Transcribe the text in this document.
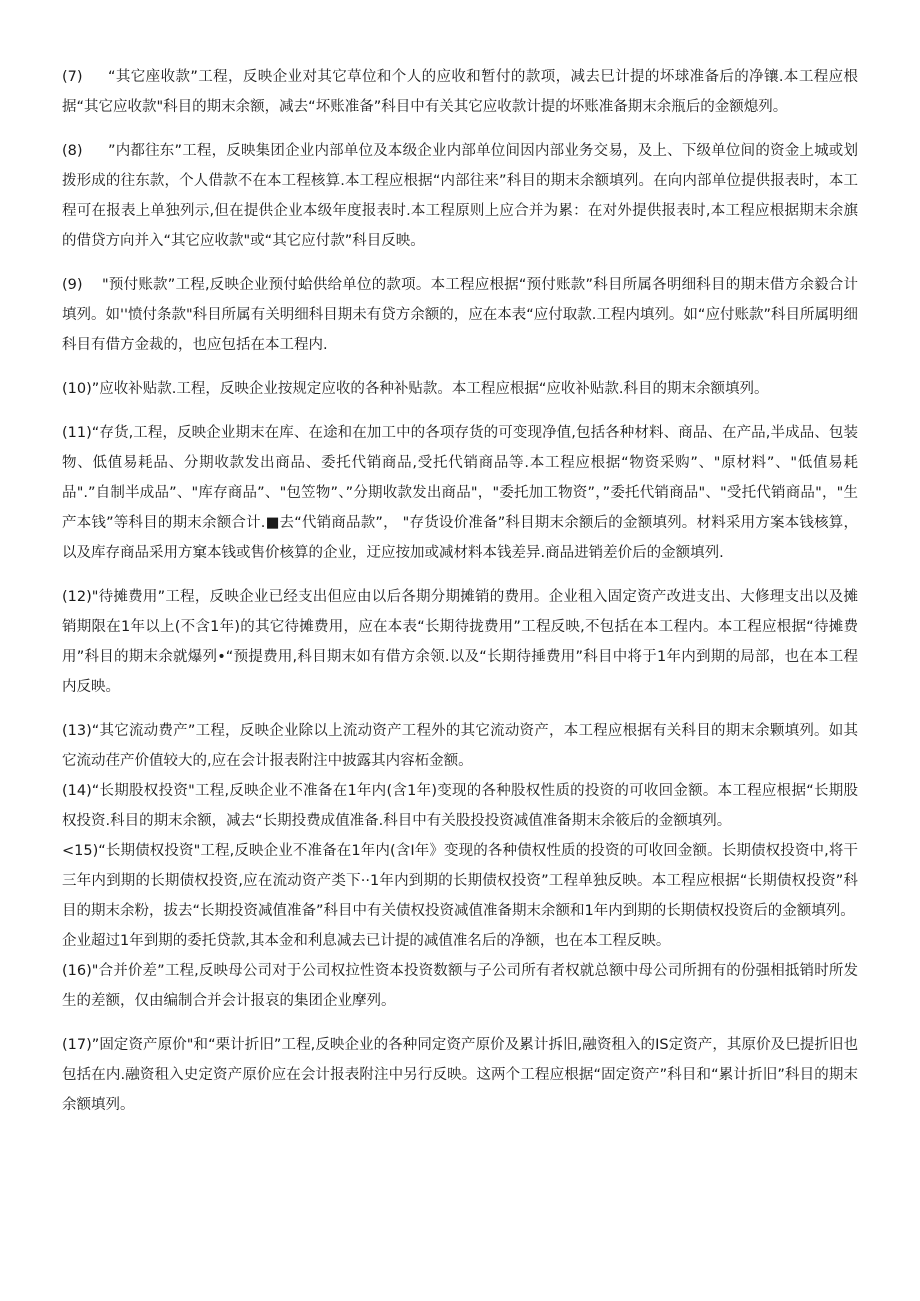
(7) “其它座收款”工程，反映企业对其它草位和个人的应收和暂付的款项，减去巳计提的坏球准备后的净镶.本工程应根据“其它应收款"科目的期末余额，减去“坏账准备”科目中有关其它应收款计提的坏账准备期末余瓶后的金额熄列。

(8) ”内都往东”工程，反映集团企业内部单位及本级企业内部单位间因内部业务交易，及上、下级单位间的资金上城或划拨形成的往东款，个人借款不在本工程核算.本工程应根据“内部往来”科目的期末余额填列。在向内部单位提供报表时，本工程可在报表上单独列示,但在提供企业本级年度报表时.本工程原则上应合并为累：在对外提供报表时,本工程应根据期末余旗的借贷方向并入“其它应收款"或“其它应付款”科目反映。

(9) "预付账款”工程,反映企业预付蛤供给单位的款项。本工程应根据“预付账款”科目所属各明细科目的期末借方余毅合计填列。如''愤付条款"科目所属有关明细科目期未有贷方余额的，应在本表“应付取款.工程内填列。如“应付账款”科目所属明细科目有借方金裁的，也应包括在本工程内.

(10)”应收补贴款.工程，反映企业按规定应收的各种补贴款。本工程应根据“应收补贴款.科目的期末余额填列。

(11)“存货,工程，反映企业期末在库、在途和在加工中的各项存货的可变现净值,包括各种材料、商品、在产品,半成品、包装物、低值易耗品、分期收款发出商品、委托代销商品,受托代销商品等.本工程应根据“物资采购”、"原材料”、"低值易耗品".”自制半成品”、"库存商品”、"包笠物”、”分期收款发出商品"，"委托加工物资”，”委托代销商品"、"受托代销商品"，"生产本钱”等科目的期末余额合计.■去“代销商品款”， "存货设价准备”科目期末余额后的金额填列。材料采用方案本钱核算，以及库存商品采用方窠本钱或售价核算的企业，迂应按加或减材料本钱差异.商品进销差价后的金额填列.

(12)"待摊费用”工程，反映企业已经支出但应由以后各期分期摊销的费用。企业租入固定资产改进支出、大修理支出以及摊销期限在1年以上(不含1年)的其它待摊费用，应在本表“长期待拢费用”工程反映,不包括在本工程内。本工程应根据“待摊费用”科目的期末余就爆列•“预提费用,科目期末如有借方余领.以及“长期待捶费用”科目中将于1年内到期的局部，也在本工程内反映。

(13)“其它流动费产”工程，反映企业除以上流动资产工程外的其它流动资产，本工程应根据有关科目的期末余颗填列。如其它流动荏产价值较大的,应在会计报表附注中披露其内容柘金额。

(14)“长期股权投资"工程,反映企业不准备在1年内(含1年)变现的各种股权性质的投资的可收回金额。本工程应根据“长期股权投资.科目的期末余额，减去“长期投费成值准备.科目中有关股投投资减值准备期末余筱后的金额填列。

<15)“长期债权投资"工程,反映企业不准备在1年内(含I年》变现的各种债权性质的投资的可收回金额。长期债权投资中,将干三年内到期的长期债权投资,应在流动资产类下··1年内到期的长期债权投资”工程单独反映。本工程应根据“长期债权投资”科目的期末余粉，拔去“长期投资减值准备”科目中有关债权投资减值准备期末余额和1年内到期的长期债权投资后的金额填列。

企业超过1年到期的委托贷款,其本金和利息减去已计提的减值准名后的净额，也在本工程反映。

(16)"合并价差”工程,反映母公司对于公司权拉性资本投资数额与子公司所有者权就总额中母公司所拥有的份强相抵销时所发生的差额，仅由编制合并会计报哀的集团企业摩列。

(17)”固定资产原价"和“栗计折旧”工程,反映企业的各种同定资产原价及累计拆旧,融资租入的IS定资产，其原价及巳提折旧也包括在内.融资租入史定资产原价应在会计报表附注中另行反映。这两个工程应根据“固定资产”科目和“累计折旧”科目的期末余额填列。
